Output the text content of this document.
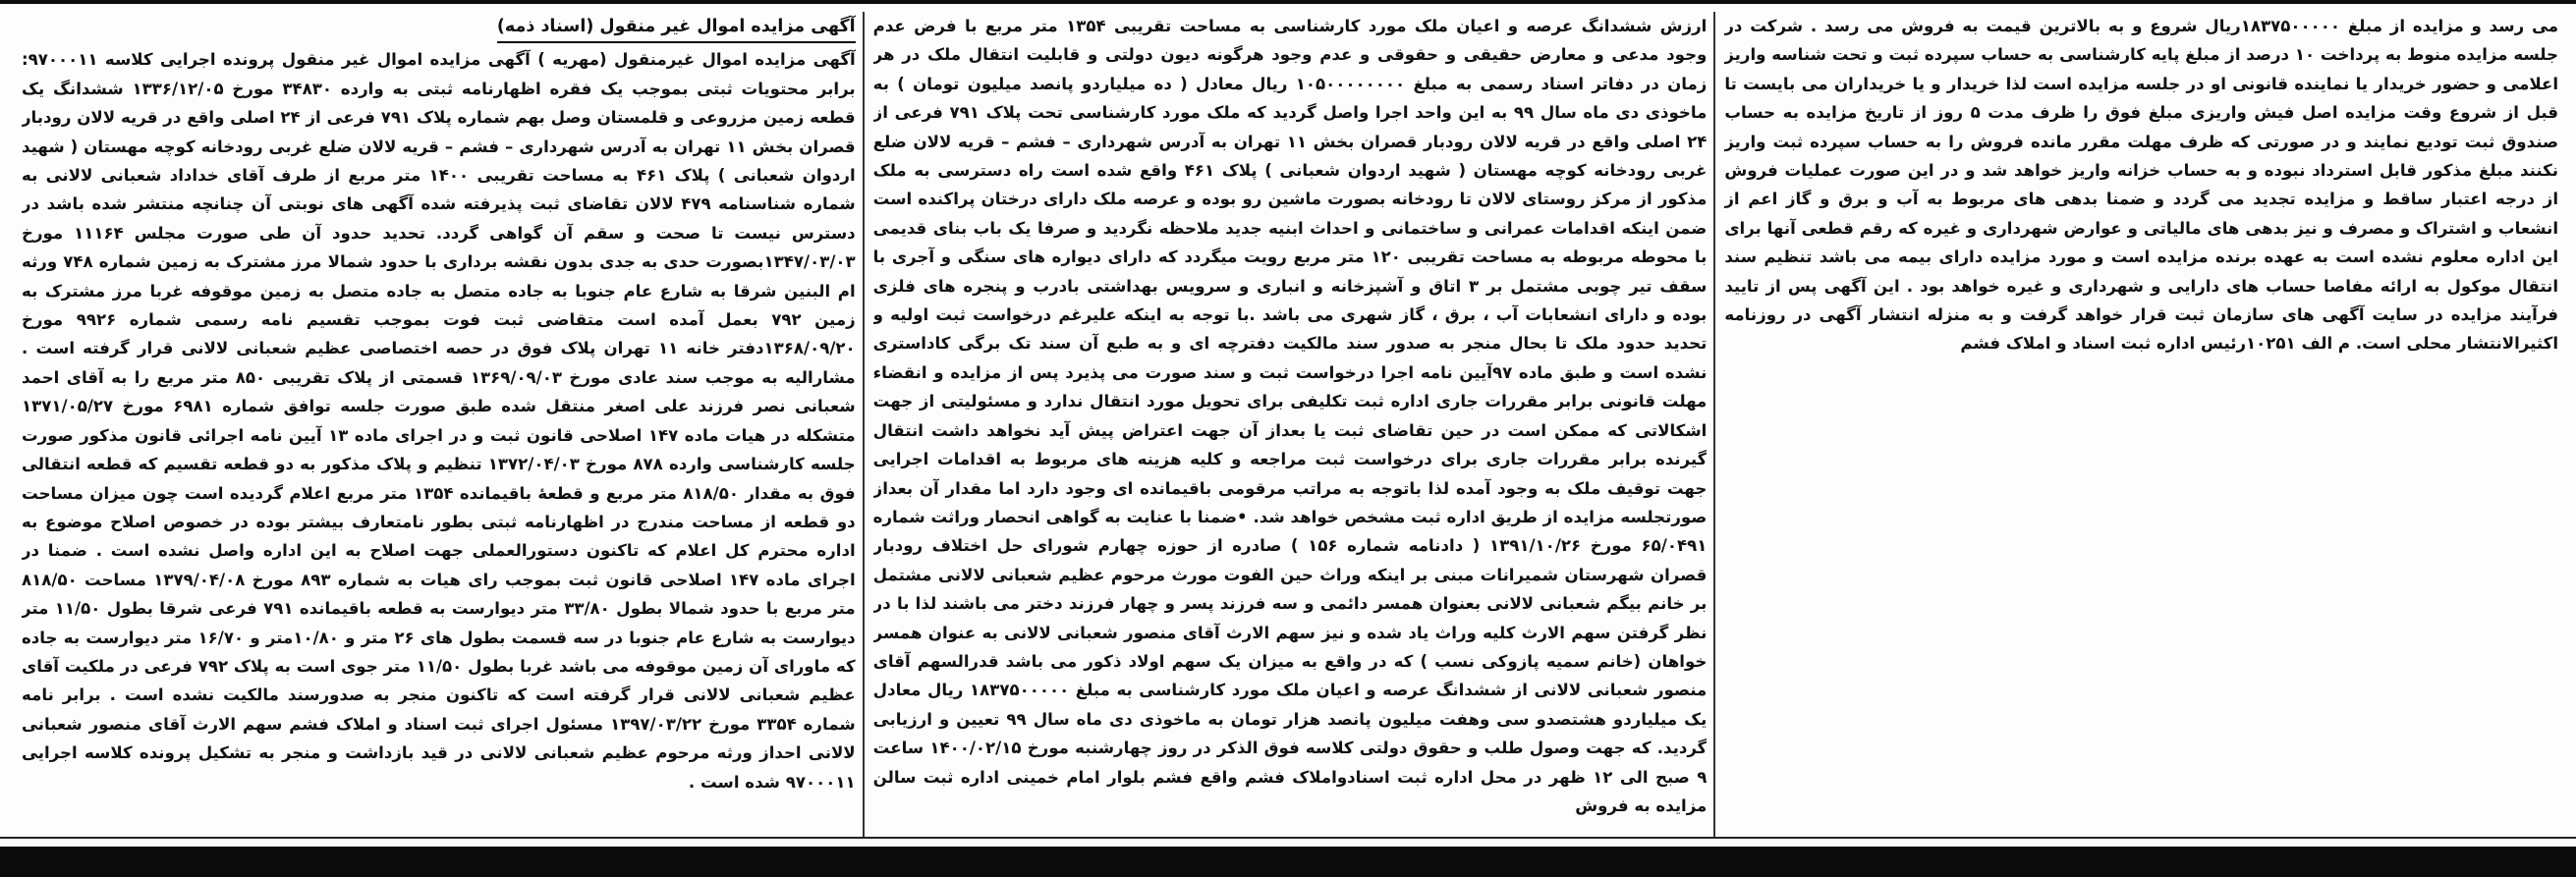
آگهی مزایده اموال غیر منقول (اسناد ذمه)

آگهی مزایده اموال غیرمنقول (مهریه ) آگهی مزایده اموال غیر منقول پرونده اجرایی کلاسه ۹۷۰۰۰۱۱: برابر محتویات ثبتی بموجب یک فقره اظهارنامه ثبتی به وارده ۳۴۸۳۰ مورخ ۱۳۳۶/۱۲/۰۵ ششدانگ یک قطعه زمین مزروعی و قلمستان وصل بهم شماره پلاک ۷۹۱ فرعی از ۲۴ اصلی واقع در قریه لالان رودبار قصران بخش ۱۱ تهران به آدرس شهرداری – فشم – قریه لالان ضلع غربی رودخانه کوچه مهستان ( شهید اردوان شعبانی ) پلاک ۴۶۱ به مساحت تقریبی ۱۴۰۰ متر مربع از طرف آقای خداداد شعبانی لالانی به شماره شناسنامه ۴۷۹ لالان تقاضای ثبت پذیرفته شده آگهی های نوبتی آن چنانچه منتشر شده باشد در دسترس نیست تا صحت و سقم آن گواهی گردد. تحدید حدود آن طی صورت مجلس ۱۱۱۶۴ مورخ ۱۳۴۷/۰۳/۰۳بصورت حدی به جدی بدون نقشه برداری با حدود شمالا مرز مشترک به زمین شماره ۷۴۸ ورثه ام البنین شرقا به شارع عام جنوبا به جاده متصل به جاده متصل به زمین موقوفه غربا مرز مشترک به زمین ۷۹۲ بعمل آمده است متقاضی ثبت فوت بموجب تقسیم نامه رسمی شماره ۹۹۲۶ مورخ ۱۳۶۸/۰۹/۲۰دفتر خانه ۱۱ تهران پلاک فوق در حصه اختصاصی عظیم شعبانی لالانی قرار گرفته است . مشارالیه به موجب سند عادی مورخ ۱۳۶۹/۰۹/۰۳ قسمتی از پلاک تقریبی ۸۵۰ متر مربع را به آقای احمد شعبانی نصر فرزند علی اصغر منتقل شده طبق صورت جلسه توافق شماره ۶۹۸۱ مورخ ۱۳۷۱/۰۵/۲۷ متشکله در هیات ماده ۱۴۷ اصلاحی قانون ثبت و در اجرای ماده ۱۳ آیین نامه اجرائی قانون مذکور صورت جلسه کارشناسی وارده ۸۷۸ مورخ ۱۳۷۲/۰۴/۰۳ تنظیم و پلاک مذکور به دو قطعه تقسیم که قطعه انتقالی فوق به مقدار ۸۱۸/۵۰ متر مربع و قطعهٔ باقیمانده ۱۳۵۴ متر مربع اعلام گردیده است چون میزان مساحت دو قطعه از مساحت مندرج در اظهارنامه ثبتی بطور نامتعارف بیشتر بوده در خصوص اصلاح موضوع به اداره محترم کل اعلام که تاکنون دستورالعملی جهت اصلاح به این اداره واصل نشده است . ضمنا در اجرای ماده ۱۴۷ اصلاحی قانون ثبت بموجب رای هیات به شماره ۸۹۳ مورخ ۱۳۷۹/۰۴/۰۸ مساحت ۸۱۸/۵۰ متر مربع با حدود شمالا بطول ۳۳/۸۰ متر دیوارست به قطعه باقیمانده ۷۹۱ فرعی شرقا بطول ۱۱/۵۰ متر دیوارست به شارع عام جنوبا در سه قسمت بطول های ۲۶ متر و ۱۰/۸۰متر و ۱۶/۷۰ متر دیوارست به جاده که ماورای آن زمین موقوفه می باشد غربا بطول ۱۱/۵۰ متر جوی است به پلاک ۷۹۲ فرعی در ملکیت آقای عظیم شعبانی لالانی قرار گرفته است که تاکنون منجر به صدورسند مالکیت نشده است . برابر نامه شماره ۳۳۵۴ مورخ ۱۳۹۷/۰۳/۲۲ مسئول اجرای ثبت اسناد و املاک فشم سهم الارث آقای منصور شعبانی لالانی احداز ورثه مرحوم عظیم شعبانی لالانی در قید بازداشت و منجر به تشکیل پرونده کلاسه اجرایی ۹۷۰۰۰۱۱ شده است .

ارزش ششدانگ عرصه و اعیان ملک مورد کارشناسی به مساحت تقریبی ۱۳۵۴ متر مربع با فرض عدم وجود مدعی و معارض حقیقی و حقوقی و عدم وجود هرگونه دیون دولتی و قابلیت انتقال ملک در هر زمان در دفاتر اسناد رسمی به مبلغ ۱۰۵۰۰۰۰۰۰۰۰ ریال معادل ( ده میلیاردو پانصد میلیون تومان ) به ماخوذی دی ماه سال ۹۹ به این واحد اجرا واصل گردید که ملک مورد کارشناسی تحت پلاک ۷۹۱ فرعی از ۲۴ اصلی واقع در قریه لالان رودبار قصران بخش ۱۱ تهران به آدرس شهرداری – فشم – قریه لالان ضلع غربی رودخانه کوچه مهستان ( شهید اردوان شعبانی ) پلاک ۴۶۱ واقع شده است راه دسترسی به ملک مذکور از مرکز روستای لالان تا رودخانه بصورت ماشین رو بوده و عرصه ملک دارای درختان پراکنده است ضمن اینکه اقدامات عمرانی و ساختمانی و احداث ابنیه جدید ملاحظه نگردید و صرفا یک باب بنای قدیمی با محوطه مربوطه به مساحت تقریبی ۱۲۰ متر مربع رویت میگردد که دارای دیواره های سنگی و آجری با سقف تیر چوبی مشتمل بر ۳ اتاق و آشپزخانه و انباری و سرویس بهداشتی بادرب و پنجره های فلزی بوده و دارای انشعابات آب ، برق ، گاز شهری می باشد .با توجه به اینکه علیرغم درخواست ثبت اولیه و تحدید حدود ملک تا بحال منجر به صدور سند مالکیت دفترچه ای و به طبع آن سند تک برگی کاداستری نشده است و طبق ماده ۹۷آیین نامه اجرا درخواست ثبت و سند صورت می پذیرد پس از مزایده و انقضاء مهلت قانونی برابر مقررات جاری اداره ثبت تکلیفی برای تحویل مورد انتقال ندارد و مسئولیتی از جهت اشکالاتی که ممکن است در حین تقاضای ثبت یا بعداز آن جهت اعتراض پیش آید نخواهد داشت انتقال گیرنده برابر مقررات جاری برای درخواست ثبت مراجعه و کلیه هزینه های مربوط به اقدامات اجرایی جهت توقیف ملک به وجود آمده لذا باتوجه به مراتب مرقومی باقیمانده ای وجود دارد اما مقدار آن بعداز صورتجلسه مزایده از طریق اداره ثبت مشخص خواهد شد. •ضمنا با عنایت به گواهی انحصار وراثت شماره ۶۵/۰۴۹۱ مورخ ۱۳۹۱/۱۰/۲۶ ( دادنامه شماره ۱۵۶ ) صادره از حوزه چهارم شورای حل اختلاف رودبار قصران شهرستان شمیرانات مبنی بر اینکه وراث حین الفوت مورث مرحوم عظیم شعبانی لالانی مشتمل بر خانم بیگم شعبانی لالانی بعنوان همسر دائمی و سه فرزند پسر و چهار فرزند دختر می باشند لذا با در نظر گرفتن سهم الارث کلیه وراث یاد شده و نیز سهم الارث آقای منصور شعبانی لالانی به عنوان همسر خواهان (خانم سمیه پازوکی نسب ) که در واقع به میزان یک سهم اولاد ذکور می باشد قدرالسهم آقای منصور شعبانی لالانی از ششدانگ عرصه و اعیان ملک مورد کارشناسی به مبلغ ۱۸۳۷۵۰۰۰۰۰ ریال معادل یک میلیاردو هشتصدو سی وهفت میلیون پانصد هزار تومان به ماخوذی دی ماه سال ۹۹ تعیین و ارزیابی گردید. که جهت وصول طلب و حقوق دولتی کلاسه فوق الذکر در روز چهارشنبه مورخ ۱۴۰۰/۰۲/۱۵ ساعت ۹ صبح الی ۱۲ ظهر در محل اداره ثبت اسنادواملاک فشم واقع فشم بلوار امام خمینی اداره ثبت سالن مزایده به فروش

می رسد و مزایده از مبلغ ۱۸۳۷۵۰۰۰۰۰ریال شروع و به بالاترین قیمت به فروش می رسد . شرکت در جلسه مزایده منوط به پرداخت ۱۰ درصد از مبلغ پایه کارشناسی به حساب سپرده ثبت و تحت شناسه واریز اعلامی و حضور خریدار یا نماینده قانونی او در جلسه مزایده است لذا خریدار و یا خریداران می بایست تا قبل از شروع وقت مزایده اصل فیش واریزی مبلغ فوق را ظرف مدت ۵ روز از تاریخ مزایده به حساب صندوق ثبت تودیع نمایند و در صورتی که ظرف مهلت مقرر مانده فروش را به حساب سپرده ثبت واریز نکنند مبلغ مذکور قابل استرداد نبوده و به حساب خزانه واریز خواهد شد و در این صورت عملیات فروش از درجه اعتبار ساقط و مزایده تجدید می گردد و ضمنا بدهی های مربوط به آب و برق و گاز اعم از انشعاب و اشتراک و مصرف و نیز بدهی های مالیاتی و عوارض شهرداری و غیره که رقم قطعی آنها برای این اداره معلوم نشده است به عهده برنده مزایده است و مورد مزایده دارای بیمه می باشد تنظیم سند انتقال موکول به ارائه مفاصا حساب های دارایی و شهرداری و غیره خواهد بود . این آگهی پس از تایید فرآیند مزایده در سایت آگهی های سازمان ثبت قرار خواهد گرفت و به منزله انتشار آگهی در روزنامه اکثیرالانتشار محلی است. م الف ۱۰۲۵۱رئیس اداره ثبت اسناد و املاک فشم
